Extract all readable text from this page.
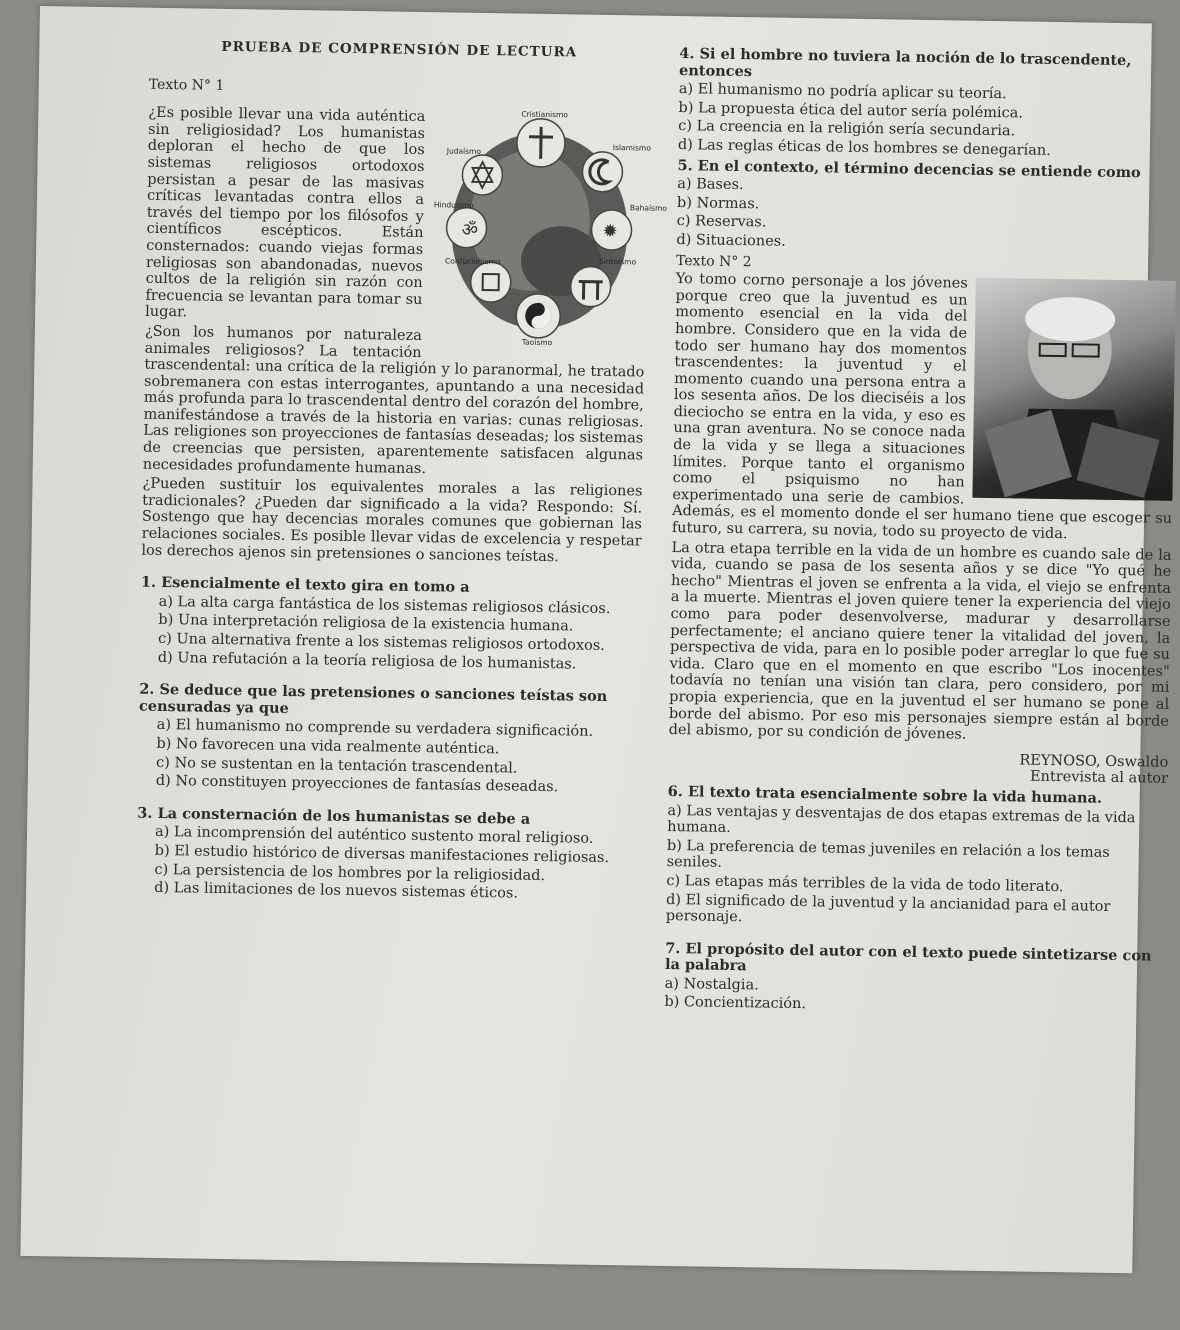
PRUEBA DE COMPRENSIÓN DE LECTURA
Texto N° 1
ॐ	✹
Cristianismo
Islamismo
Judaísmo
Bahaísmo
Hinduismo
Confucionismo	Sintoísmo
Taoísmo

¿Es posible llevar una vida auténtica sin religiosidad? Los humanistas deploran el hecho de que los sistemas religiosos ortodoxos persistan a pesar de las masivas críticas levantadas contra ellos a través del tiempo por los filósofos y científicos escépticos. Están consternados: cuando viejas formas religiosas son abandonadas, nuevos cultos de la religión sin razón con frecuencia se levantan para tomar su lugar.

¿Son los humanos por naturaleza animales religiosos? La tentación trascendental: una crítica de la religión y lo paranormal, he tratado sobremanera con estas interrogantes, apuntando a una necesidad más profunda para lo trascendental dentro del corazón del hombre, manifestándose a través de la historia en varias: cunas religiosas. Las religiones son proyecciones de fantasías deseadas; los sistemas de creencias que persisten, aparentemente satisfacen algunas necesidades profundamente humanas.

¿Pueden sustituir los equivalentes morales a las religiones tradicionales? ¿Pueden dar significado a la vida? Respondo: Sí. Sostengo que hay decencias morales comunes que gobiernan las relaciones sociales. Es posible llevar vidas de excelencia y respetar los derechos ajenos sin pretensiones o sanciones teístas.

1. Esencialmente el texto gira en tomo a
a) La alta carga fantástica de los sistemas religiosos clásicos.
b) Una interpretación religiosa de la existencia humana.
c) Una alternativa frente a los sistemas religiosos ortodoxos.
d) Una refutación a la teoría religiosa de los humanistas.
2. Se deduce que las pretensiones o sanciones teístas son censuradas ya que
a) El humanismo no comprende su verdadera significación.
b) No favorecen una vida realmente auténtica.
c) No se sustentan en la tentación trascendental.
d) No constituyen proyecciones de fantasías deseadas.
3. La consternación de los humanistas se debe a
a) La incomprensión del auténtico sustento moral religioso.
b) El estudio histórico de diversas manifestaciones religiosas.
c) La persistencia de los hombres por la religiosidad.
d) Las limitaciones de los nuevos sistemas éticos.
4. Si el hombre no tuviera la noción de lo trascendente, entonces
a) El humanismo no podría aplicar su teoría.
b) La propuesta ética del autor sería polémica.
c) La creencia en la religión sería secundaria.
d) Las reglas éticas de los hombres se denegarían.
5. En el contexto, el término decencias se entiende como
a) Bases.
b) Normas.
c) Reservas.
d) Situaciones.
Texto N° 2

Yo tomo corno personaje a los jóvenes porque creo que la juventud es un momento esencial en la vida del hombre. Considero que en la vida de todo ser humano hay dos momentos trascendentes: la juventud y el momento cuando una persona entra a los sesenta años. De los dieciséis a los dieciocho se entra en la vida, y eso es una gran aventura. No se conoce nada de la vida y se llega a situaciones límites. Porque tanto el organismo como el psiquismo no han experimentado una serie de cambios. Además, es el momento donde el ser humano tiene que escoger su futuro, su carrera, su novia, todo su proyecto de vida.

La otra etapa terrible en la vida de un hombre es cuando sale de la vida, cuando se pasa de los sesenta años y se dice "Yo qué he hecho" Mientras el joven se enfrenta a la vida, el viejo se enfrenta a la muerte. Mientras el joven quiere tener la experiencia del viejo como para poder desenvolverse, madurar y desarrollarse perfectamente; el anciano quiere tener la vitalidad del joven, la perspectiva de vida, para en lo posible poder arreglar lo que fue su vida. Claro que en el momento en que escribo "Los inocentes" todavía no tenían una visión tan clara, pero considero, por mi propia experiencia, que en la juventud el ser humano se pone al borde del abismo. Por eso mis personajes siempre están al borde del abismo, por su condición de jóvenes.

REYNOSO, Oswaldo
Entrevista al autor
6. El texto trata esencialmente sobre la vida humana.
a) Las ventajas y desventajas de dos etapas extremas de la vida humana.
b) La preferencia de temas juveniles en relación a los temas seniles.
c) Las etapas más terribles de la vida de todo literato.
d) El significado de la juventud y la ancianidad para el autor personaje.
7. El propósito del autor con el texto puede sintetizarse con la palabra
a) Nostalgia.
b) Concientización.
